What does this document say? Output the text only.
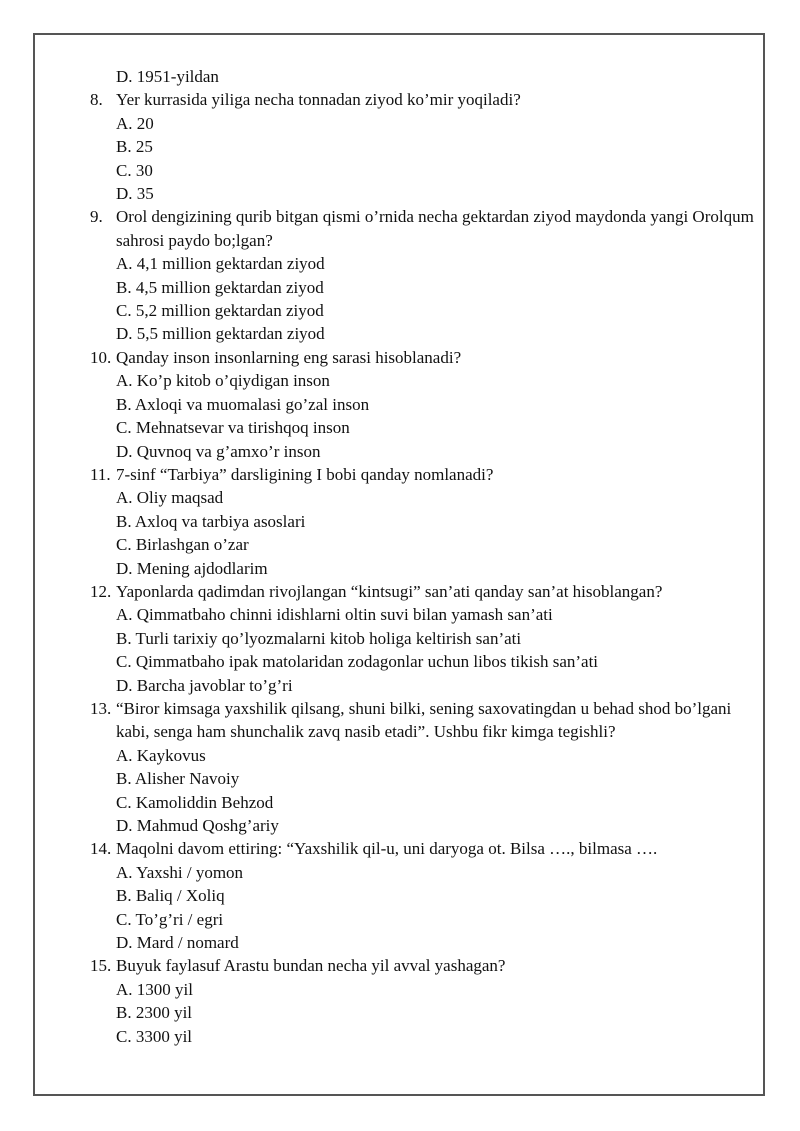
D. 1951-yildan
8. Yer kurrasida yiliga necha tonnadan ziyod ko’mir yoqiladi?
A. 20
B. 25
C. 30
D. 35
9. Orol dengizining qurib bitgan qismi o’rnida necha gektardan ziyod maydonda yangi Orolqum sahrosi paydo bo;lgan?
A. 4,1 million gektardan ziyod
B. 4,5 million gektardan ziyod
C. 5,2 million gektardan ziyod
D. 5,5 million gektardan ziyod
10. Qanday inson insonlarning eng sarasi hisoblanadi?
A. Ko’p kitob o’qiydigan inson
B. Axloqi va muomalasi go’zal inson
C. Mehnatsevar va tirishqoq inson
D. Quvnoq va g’amxo’r inson
11. 7-sinf “Tarbiya” darsligining I bobi qanday nomlanadi?
A. Oliy maqsad
B. Axloq va tarbiya asoslari
C. Birlashgan o’zar
D. Mening ajdodlarim
12. Yaponlarda qadimdan rivojlangan “kintsugi” san’ati qanday san’at hisoblangan?
A. Qimmatbaho chinni idishlarni oltin suvi bilan yamash san’ati
B. Turli tarixiy qo’lyozmalarni kitob holiga keltirish san’ati
C. Qimmatbaho ipak matolaridan zodagonlar uchun libos tikish san’ati
D. Barcha javoblar to’g’ri
13. “Biror kimsaga yaxshilik qilsang, shuni bilki, sening saxovatingdan u behad shod bo’lgani kabi, senga ham shunchalik zavq nasib etadi”. Ushbu fikr kimga tegishli?
A. Kaykovus
B. Alisher Navoiy
C. Kamoliddin Behzod
D. Mahmud Qoshg’ariy
14. Maqolni davom ettiring: “Yaxshilik qil-u, uni daryoga ot. Bilsa …., bilmasa ….
A. Yaxshi / yomon
B. Baliq / Xoliq
C. To’g’ri / egri
D. Mard / nomard
15. Buyuk faylasuf Arastu bundan necha yil avval yashagan?
A. 1300 yil
B. 2300 yil
C. 3300 yil
